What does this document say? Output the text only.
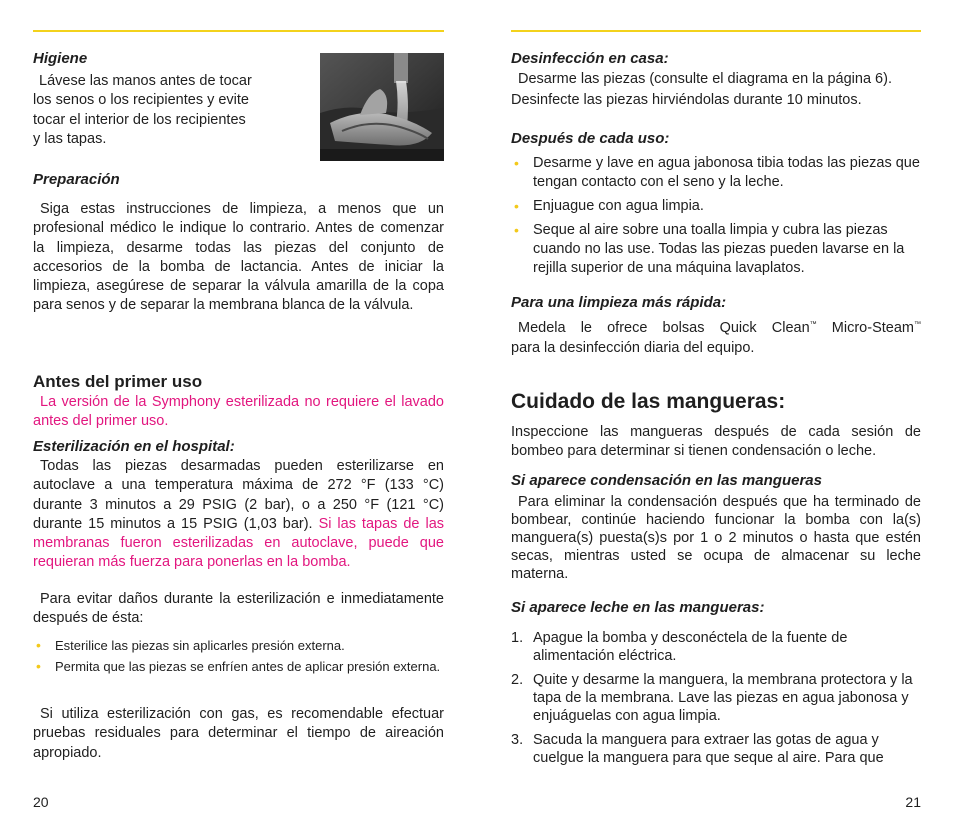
Higiene

Lávese las manos antes de tocar

los senos o los recipientes y evite

tocar el interior de los recipientes

y las tapas.

Preparación

Siga estas instrucciones de limpieza, a menos que un profesional médico le indique lo contrario. Antes de comenzar la limpieza, desarme todas las piezas del conjunto de accesorios de la bomba de lactancia. Antes de iniciar la limpieza, asegúrese de separar la válvula amarilla de la copa para senos y de separar la membrana blanca de la válvula.

Antes del primer uso

La versión de la Symphony esterilizada no requiere el lavado antes del primer uso.

Esterilización en el hospital:

Todas las piezas desarmadas pueden esterilizarse en autoclave a una temperatura máxima de 272 °F (133 °C) durante 3 minutos a 29 PSIG (2 bar), o a 250 °F (121 °C) durante 15 minutos a 15 PSIG (1,03 bar). Si las tapas de las membranas fueron esterilizadas en autoclave, puede que requieran más fuerza para ponerlas en la bomba.

Para evitar daños durante la esterilización e inmediatamente después de ésta:

• Esterilice las piezas sin aplicarles presión externa.
• Permita que las piezas se enfríen antes de aplicar presión externa.

Si utiliza esterilización con gas, es recomendable efectuar pruebas residuales para determinar el tiempo de aireación apropiado.

20
Desinfección en casa:

Desarme las piezas (consulte el diagrama en la página 6).

Desinfecte las piezas hirviéndolas durante 10 minutos.

Después de cada uso:
• Desarme y lave en agua jabonosa tibia todas las piezas que tengan contacto con el seno y la leche.
• Enjuague con agua limpia.
• Seque al aire sobre una toalla limpia y cubra las piezas cuando no las use. Todas las piezas pueden lavarse en la rejilla superior de una máquina lavaplatos.
Para una limpieza más rápida:

Medela le ofrece bolsas Quick Clean™ Micro-Steam™

para la desinfección diaria del equipo.

Cuidado de las mangueras:

Inspeccione las mangueras después de cada sesión de bombeo para determinar si tienen condensación o leche.

Si aparece condensación en las mangueras

Para eliminar la condensación después que ha terminado de bombear, continúe haciendo funcionar la bomba con la(s) manguera(s) puesta(s)s por 1 o 2 minutos o hasta que estén secas, mientras usted se ocupa de almacenar su leche materna.

Si aparece leche en las mangueras:
1. Apague la bomba y desconéctela de la fuente de alimentación eléctrica.
2. Quite y desarme la manguera, la membrana protectora y la tapa de la membrana. Lave las piezas en agua jabonosa y enjuáguelas con agua limpia.
3. Sacuda la manguera para extraer las gotas de agua y cuelgue la manguera para que seque al aire. Para que
21
